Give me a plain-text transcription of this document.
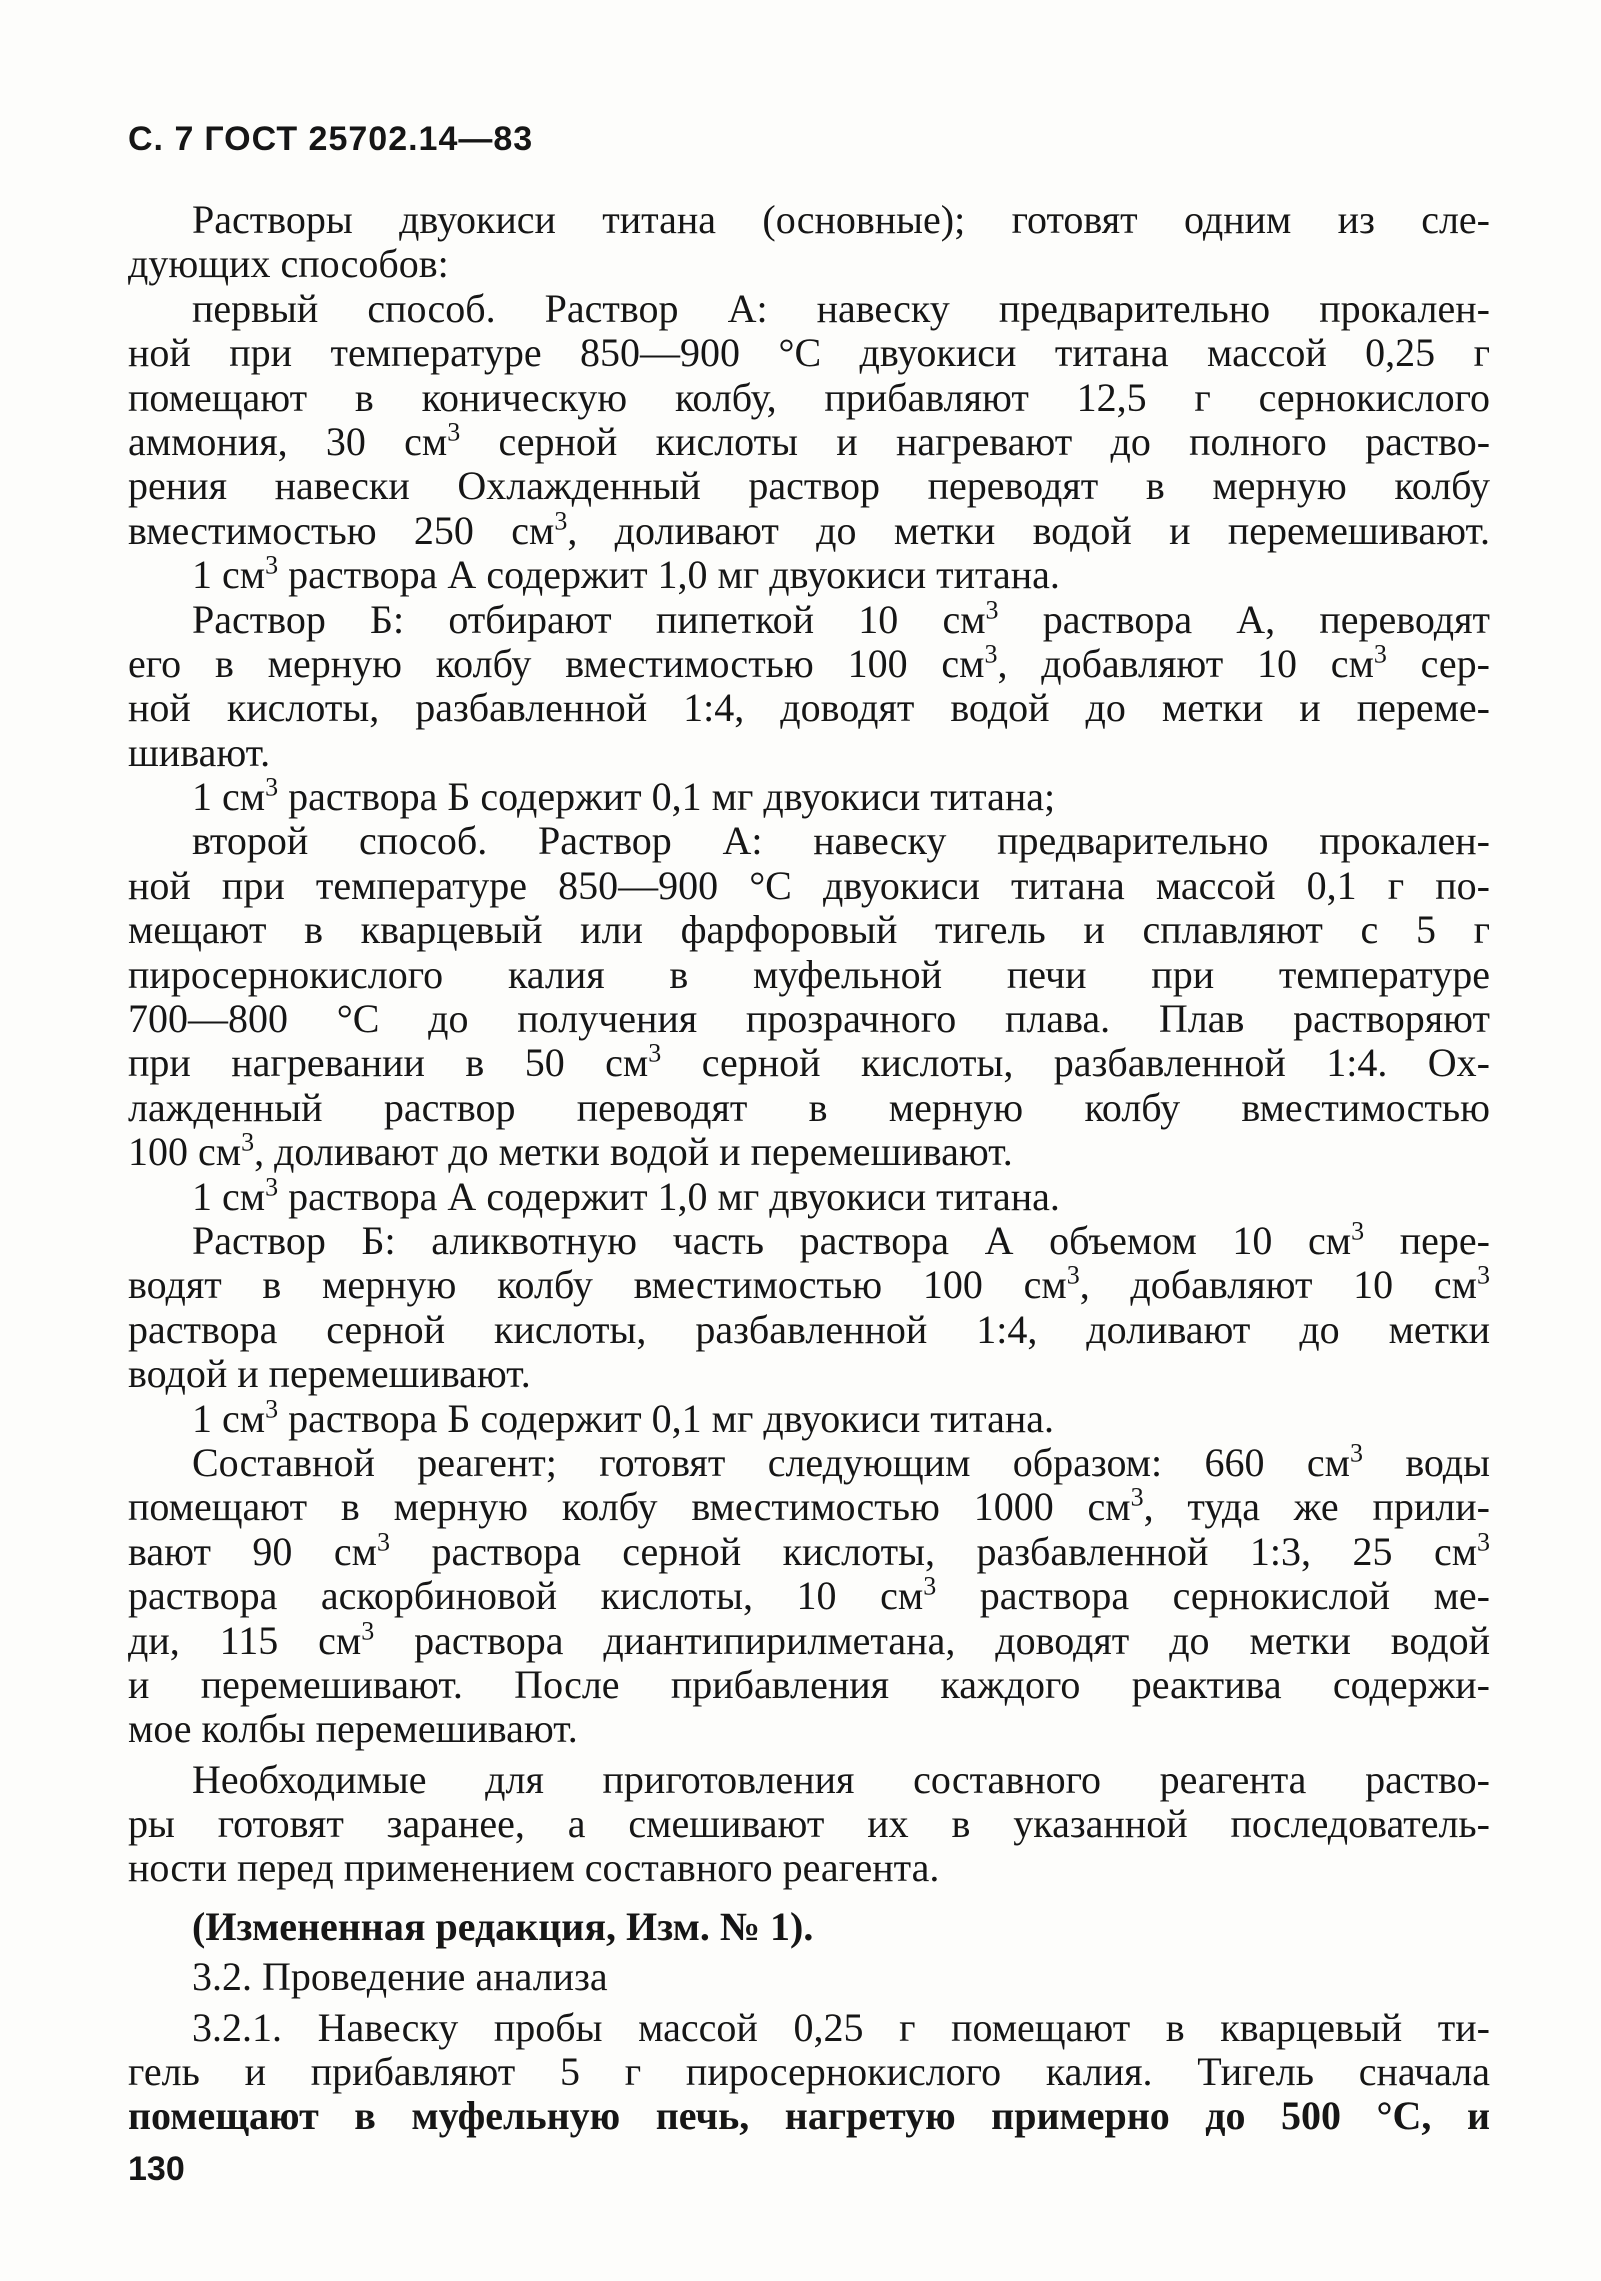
С. 7 ГОСТ 25702.14—83
Растворы двуокиси титана (основные); готовят одним из сле-
дующих способов:
первый способ. Раствор А: навеску предварительно прокален-
ной при температуре 850—900 °С двуокиси титана массой 0,25 г
помещают в коническую колбу, прибавляют 12,5 г сернокислого
аммония, 30 $см^3$ серной кислоты и нагревают до полного раство-
рения навески Охлажденный раствор переводят в мерную колбу
вместимостью 250 $см^3$, доливают до метки водой и перемешивают.
1 $см^3$ раствора А содержит 1,0 мг двуокиси титана.
Раствор Б: отбирают пипеткой 10 $см^3$ раствора А, переводят
его в мерную колбу вместимостью 100 $см^3$, добавляют 10 $см^3$ сер-
ной кислоты, разбавленной 1:4, доводят водой до метки и переме-
шивают.
1 $см^3$ раствора Б содержит 0,1 мг двуокиси титана;
второй способ. Раствор А: навеску предварительно прокален-
ной при температуре 850—900 °С двуокиси титана массой 0,1 г по-
мещают в кварцевый или фарфоровый тигель и сплавляют с 5 г
пиросернокислого калия в муфельной печи при температуре
700—800 °С до получения прозрачного плава. Плав растворяют
при нагревании в 50 $см^3$ серной кислоты, разбавленной 1:4. Ох-
лажденный раствор переводят в мерную колбу вместимостью
100 $см^3$, доливают до метки водой и перемешивают.
1 $см^3$ раствора А содержит 1,0 мг двуокиси титана.
Раствор Б: аликвотную часть раствора А объемом 10 $см^3$ пере-
водят в мерную колбу вместимостью 100 $см^3$, добавляют 10 $см^3$
раствора серной кислоты, разбавленной 1:4, доливают до метки
водой и перемешивают.
1 $см^3$ раствора Б содержит 0,1 мг двуокиси титана.
Составной реагент; готовят следующим образом: 660 $см^3$ воды
помещают в мерную колбу вместимостью 1000 $см^3$, туда же прили-
вают 90 $см^3$ раствора серной кислоты, разбавленной 1:3, 25 $см^3$
раствора аскорбиновой кислоты, 10 $см^3$ раствора сернокислой ме-
ди, 115 $см^3$ раствора диантипирилметана, доводят до метки водой
и перемешивают. После прибавления каждого реактива содержи-
мое колбы перемешивают.
Необходимые для приготовления составного реагента раство-
ры готовят заранее, а смешивают их в указанной последователь-
ности перед применением составного реагента.
(Измененная редакция, Изм. № 1).
3.2. Проведение анализа
3.2.1. Навеску пробы массой 0,25 г помещают в кварцевый ти-
гель и прибавляют 5 г пиросернокислого калия. Тигель сначала
помещают в муфельную печь, нагретую примерно до 500 °С, и
130
